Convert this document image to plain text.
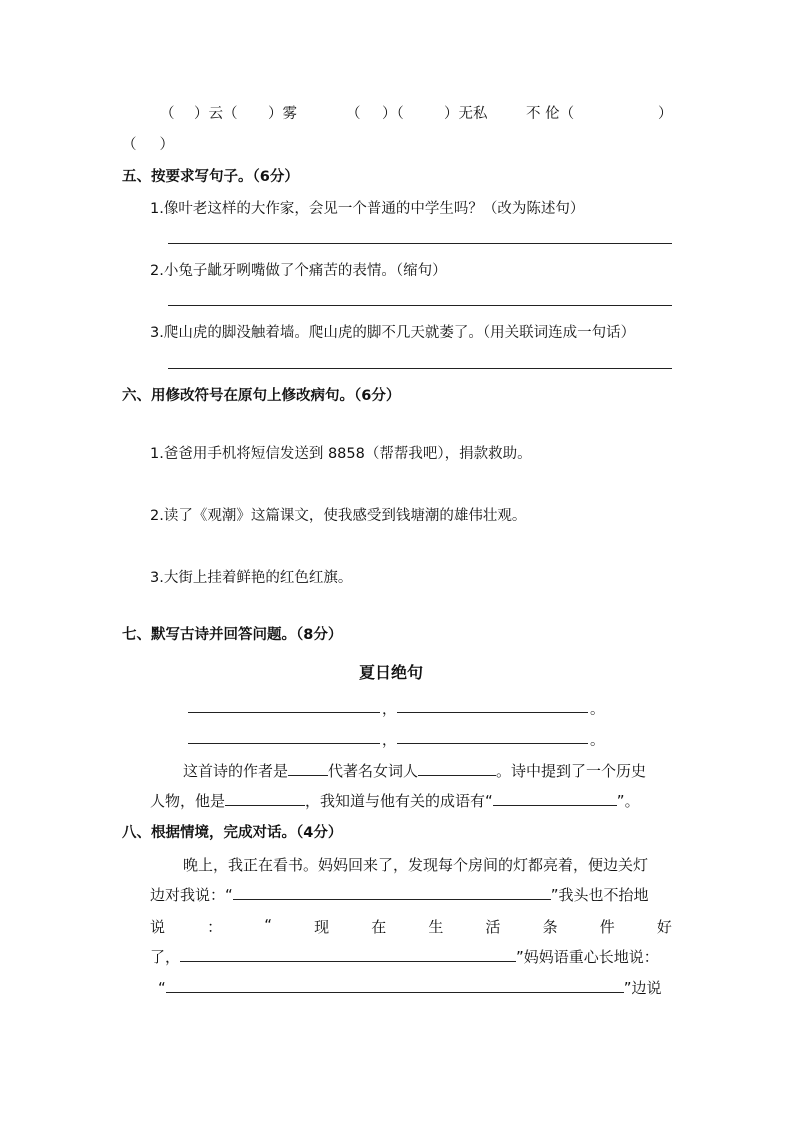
（ ）云（ ）雾	（ ）（	）无私	不 伦（	）
（     ）
五、按要求写句子。（6分）
1.像叶老这样的大作家，会见一个普通的中学生吗？（改为陈述句）
2.小兔子龇牙咧嘴做了个痛苦的表情。（缩句）
3.爬山虎的脚没触着墙。爬山虎的脚不几天就萎了。（用关联词连成一句话）
六、用修改符号在原句上修改病句。（6分）
1.爸爸用手机将短信发送到 8858（帮帮我吧），捐款救助。
2.读了《观潮》这篇课文，使我感受到钱塘潮的雄伟壮观。
3.大街上挂着鲜艳的红色红旗。
七、默写古诗并回答问题。（8分）
夏日绝句
，	。
，	。
这首诗的作者是	代著名女词人	。诗中提到了一个历史
人物，他是	，我知道与他有关的成语有“	”。
八、根据情境，完成对话。（4分）
晚上，我正在看书。妈妈回来了，发现每个房间的灯都亮着，便边关灯
边对我说：“	”我头也不抬地
说	：	“	现	在	生	活	条	件	好
了，	”妈妈语重心长地说：
“	”边说
